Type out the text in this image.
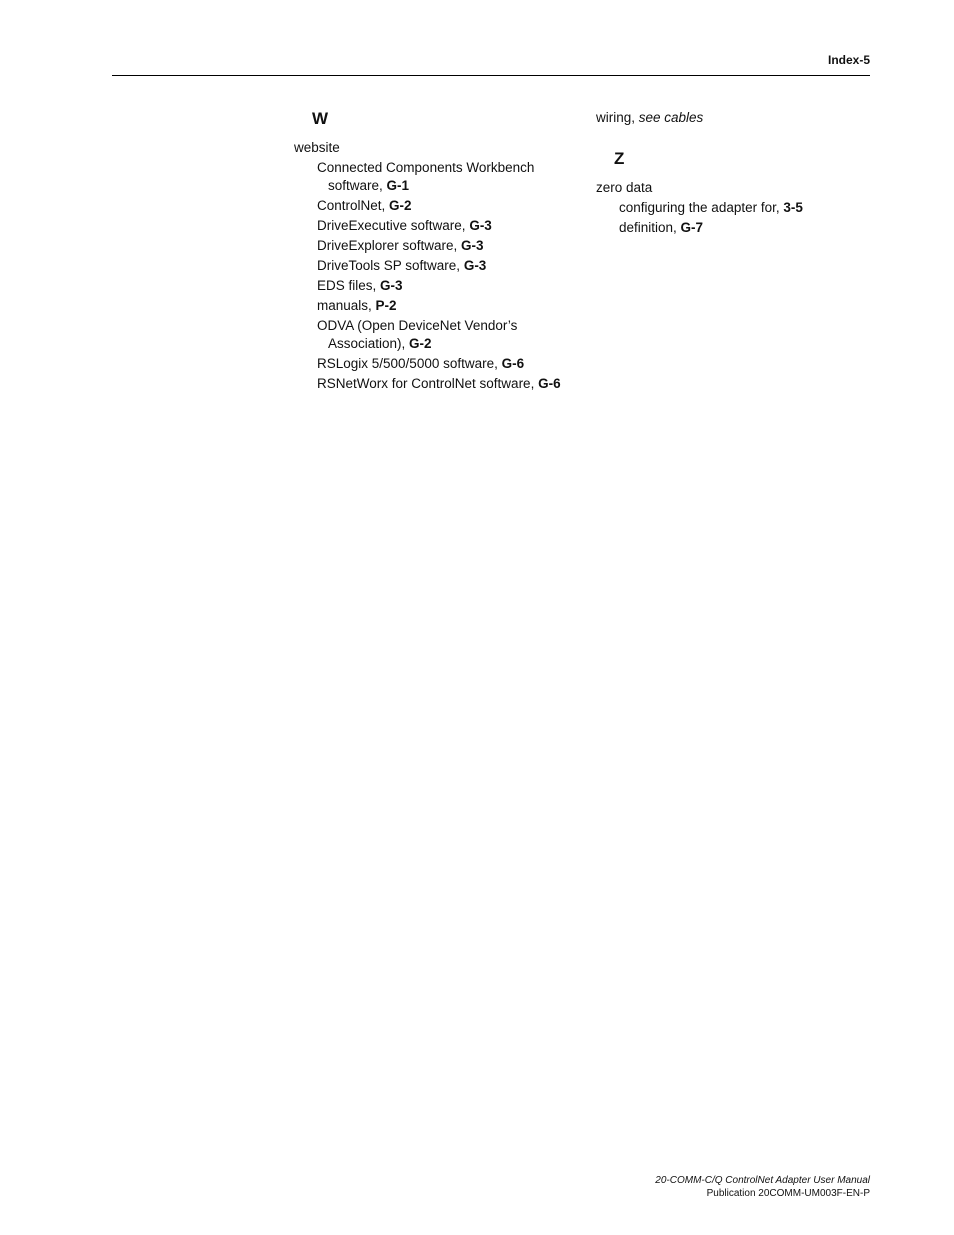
Index-5
W
website
Connected Components Workbench
software, G-1
ControlNet, G-2
DriveExecutive software, G-3
DriveExplorer software, G-3
DriveTools SP software, G-3
EDS files, G-3
manuals, P-2
ODVA (Open DeviceNet Vendor’s
Association), G-2
RSLogix 5/500/5000 software, G-6
RSNetWorx for ControlNet software, G-6
wiring, see cables
Z
zero data
configuring the adapter for, 3-5
definition, G-7
20-COMM-C/Q ControlNet Adapter User Manual
Publication 20COMM-UM003F-EN-P
